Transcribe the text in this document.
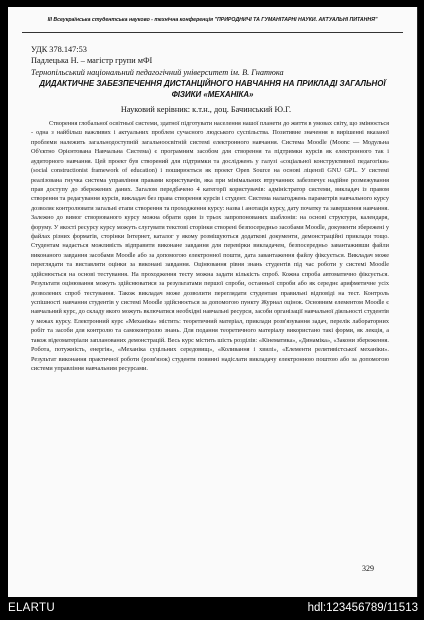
III Всеукраїнська студентська науково - технічна конференція "ПРИРОДНИЧІ ТА ГУМАНІТАРНІ НАУКИ. АКТУАЛЬНІ ПИТАННЯ"
УДК 378.147:53
Падлецька Н. – магістр групи мФІ
Тернопільський національний педагогічний університет ім. В. Гнатюка
ДИДАКТИЧНЕ ЗАБЕЗПЕЧЕННЯ ДИСТАНЦІЙНОГО НАВЧАННЯ НА ПРИКЛАДІ ЗАГАЛЬНОЇ ФІЗИКИ «МЕХАНІКА»
Науковий керівник: к.т.н., доц. Бачинський Ю.Г.
Створення глобальної освітньої системи, здатної підготувати населення нашої планети до життя в умовах світу, що змінюється - одна з найбільш важливих і актуальних проблем сучасного людського суспільства. Позитивне значення в вирішенні вказаної проблеми належить загальнодоступній загальноосвітній системі електронного навчання. Система Moodle (Moonc — Модульна Об'єктно Орієнтована Навчальна Система) є програмним засобом для створення та підтримки курсів як електронного так і аудиторного навчання. Цей проект був створений для підтримки та дослідженъ у галузі «соціальної конструктивної педагогіки» (social constructionist framework of education) і поширюється як проект Open Source на основі ліцензії GNU GPL. У системі реалізована гнучка система управління правами користувачів, яка при мінімальних втручаннях забезпечує надійне розмежування прав доступу до збережених даних. Загалом передбачено 4 категорії користувачів: адміністратор системи, викладач із правом створення та редагування курсів, викладач без права створення курсів і студент. Система налагоджень параметрів навчального курсу дозволяє контролювати загальні етапи створення та проходження курсу: назва і анотація курсу, дату початку та завершення навчання. Залежно до вимог створюваного курсу можна обрати один із трьох запропонованих шаблонів: на основі структури, календаря, форуму. У якості ресурсу курсу можуть слугувати текстові сторінки створені безпосередньо засобами Moodle, документи збережені у файлах різних форматів, сторінки Інтернет, каталог у якому розміщуються додаткові документи, демонстраційні приклади тощо. Студентам надається можливість відправити виконане завдання для перевірки викладачем, безпосередньо завантаживши файли виконаного завдання засобами Moodle або за допомогою електронної пошти, дата завантаження файлу фіксується. Викладач може переглядати та виставляти оцінки за виконані завдання. Оцінювання рівня знань студентів під час роботи у системі Moodle здійснюється на основі тестування. На проходження тесту можна задати кількість спроб. Кожна спроба автоматично фіксується. Результати оцінювання можуть здійснюватися за результатами першої спроби, останньої спроби або як середнє арифметичне усіх дозволених спроб тестування. Також викладач може дозволити переглядати студентам правильні відповіді на тест. Контроль успішності навчання студентів у системі Moodle здійснюється за допомогою пункту Журнал оцінок. Основним елементом Moodle є навчальний курс, до складу якого можуть включатися необхідні навчальні ресурси, засоби організації навчальної діяльності студентів у межах курсу. Електронний курс «Механіка» містить: теоретичний матеріал, приклади розв'язування задач, перелік лабораторних робіт та засоби для контролю та самоконтролю знань. Для подання теоретичного матеріалу використано такі форми, як лекція, а також відеоматеріали запланованих демонстрацій. Весь курс містить шість розділів: «Кінематика», «Динаміка», «Закони збереження. Робота, потужність, енергія», «Механіка суцільних середовищ», «Коливання і хвилі», «Елементи релятивістської механіки». Результат виконання практичної роботи (розв'язок) студенти повинні надіслати викладачу електронною поштою або за допомогою системи управління навчальним ресурсами.
329
ELARTU	hdl:123456789/11513
